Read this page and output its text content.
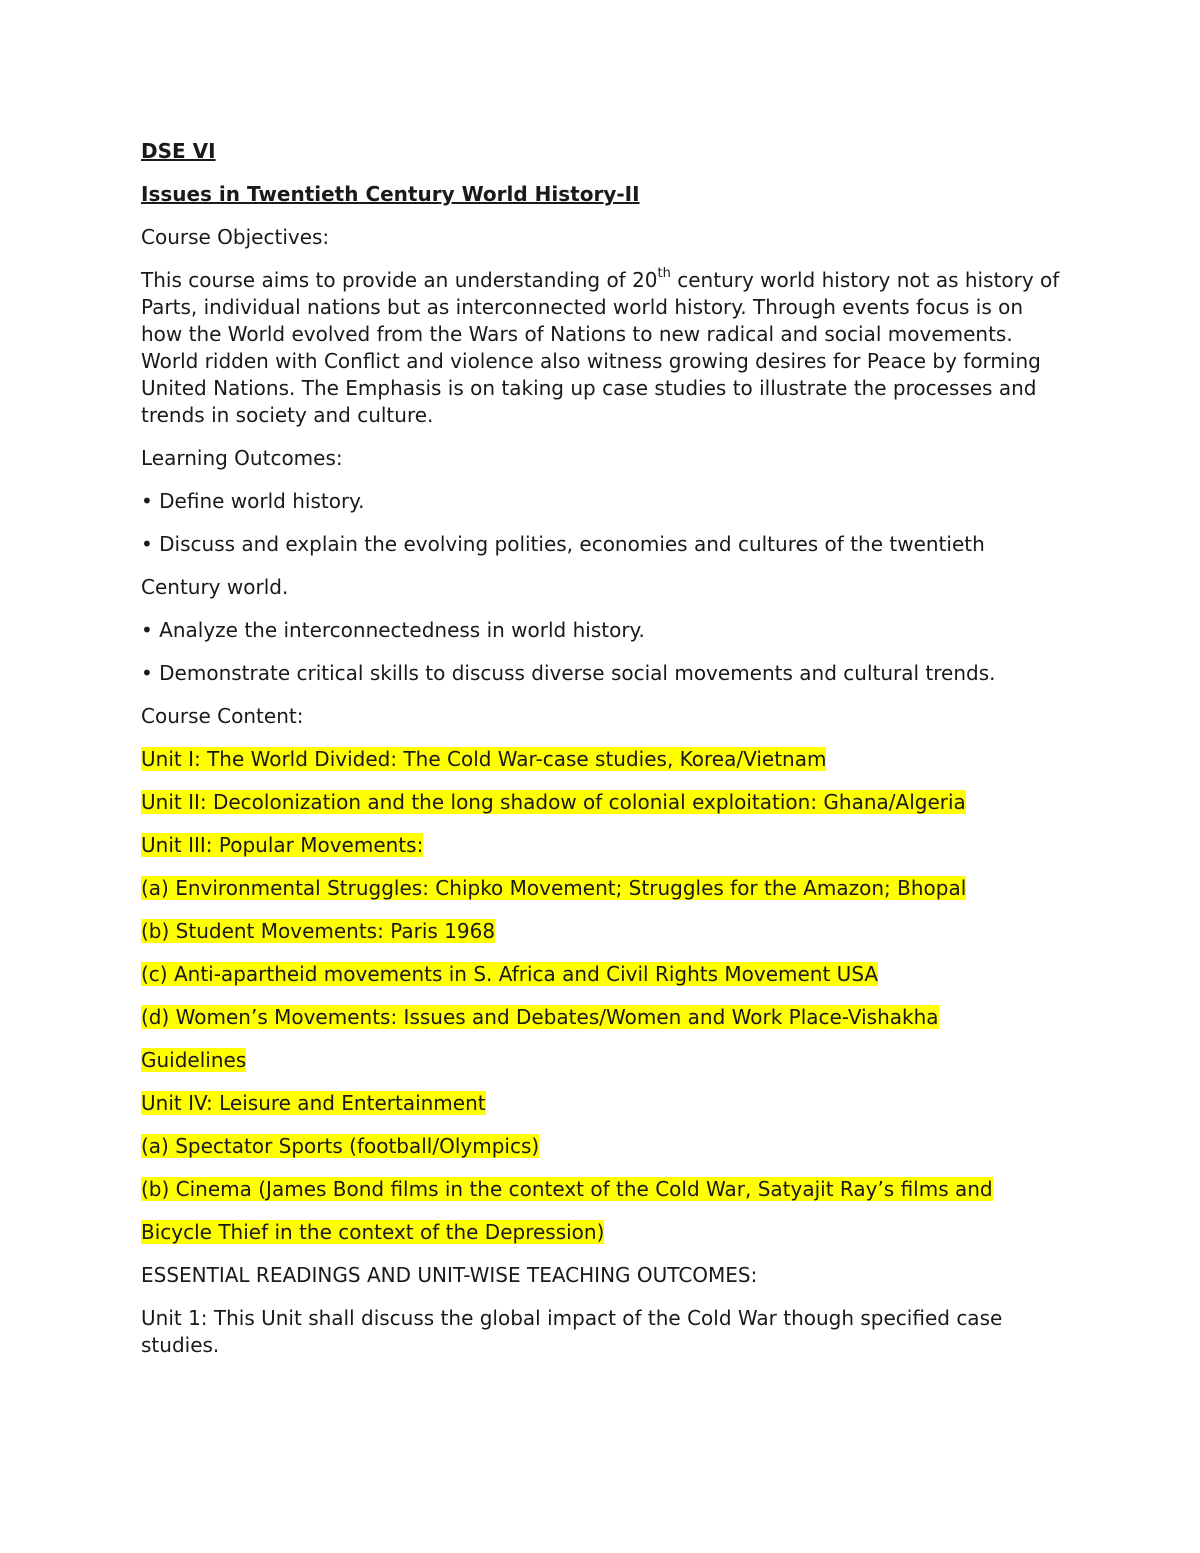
DSE VI

Issues in Twentieth Century World History-II

Course Objectives:

This course aims to provide an understanding of 20th century world history not as history of Parts, individual nations but as interconnected world history. Through events focus is on how the World evolved from the Wars of Nations to new radical and social movements. World ridden with Conflict and violence also witness growing desires for Peace by forming United Nations. The Emphasis is on taking up case studies to illustrate the processes and trends in society and culture.

Learning Outcomes:

• Define world history.

• Discuss and explain the evolving polities, economies and cultures of the twentieth

Century world.

• Analyze the interconnectedness in world history.

• Demonstrate critical skills to discuss diverse social movements and cultural trends.

Course Content:

Unit I: The World Divided: The Cold War-case studies, Korea/Vietnam

Unit II: Decolonization and the long shadow of colonial exploitation: Ghana/Algeria

Unit III: Popular Movements:

(a) Environmental Struggles: Chipko Movement; Struggles for the Amazon; Bhopal

(b) Student Movements: Paris 1968

(c) Anti-apartheid movements in S. Africa and Civil Rights Movement USA

(d) Women’s Movements: Issues and Debates/Women and Work Place-Vishakha

Guidelines

Unit IV: Leisure and Entertainment

(a) Spectator Sports (football/Olympics)

(b) Cinema (James Bond films in the context of the Cold War, Satyajit Ray’s films and

Bicycle Thief in the context of the Depression)

ESSENTIAL READINGS AND UNIT-WISE TEACHING OUTCOMES:

Unit 1: This Unit shall discuss the global impact of the Cold War though specified case studies.
